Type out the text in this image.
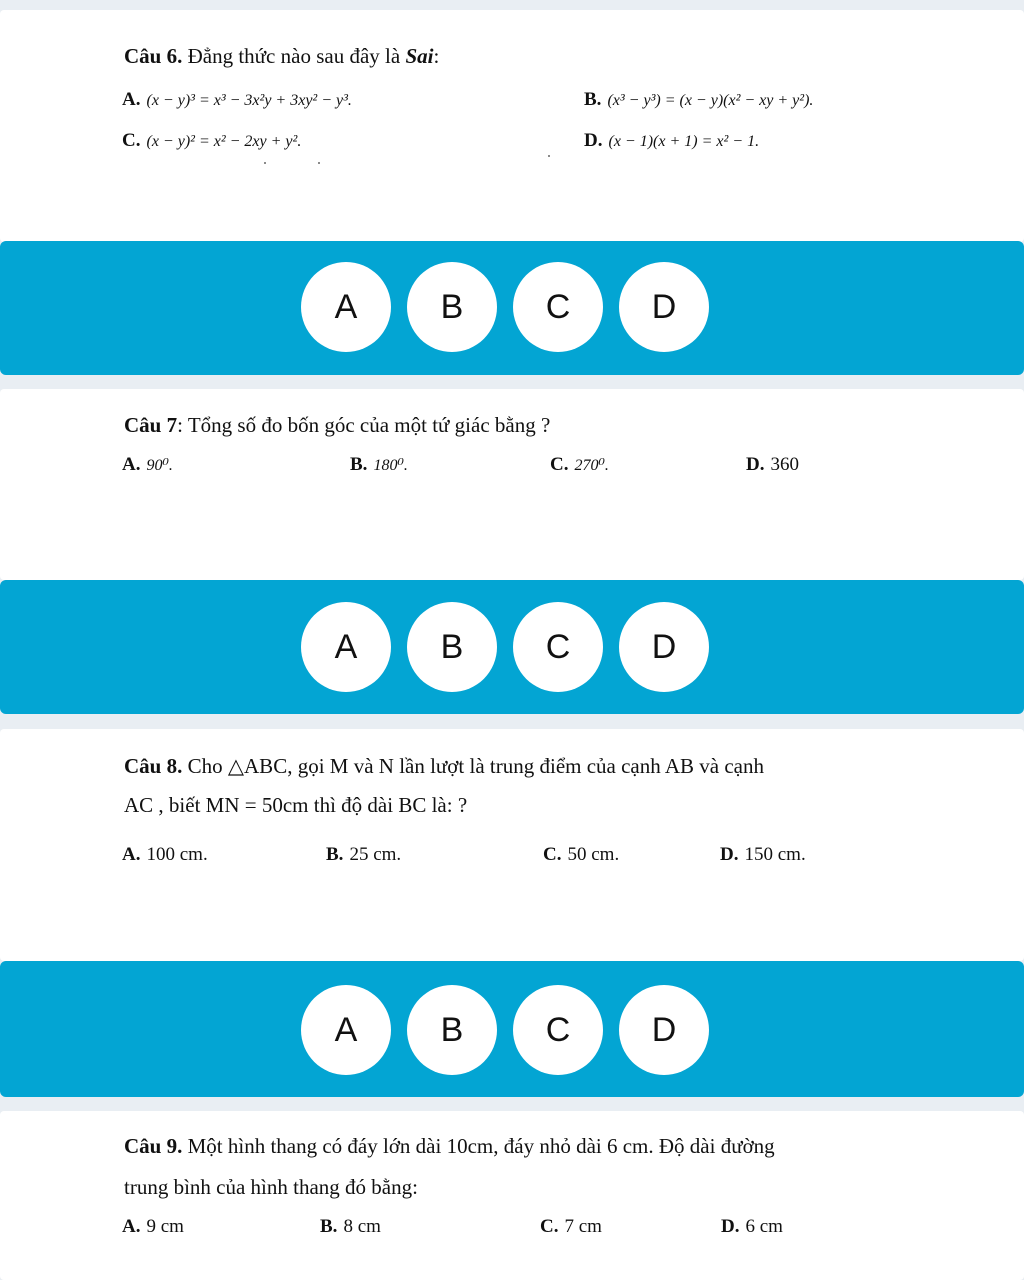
Câu 6. Đẳng thức nào sau đây là Sai:
A. (x − y)³ = x³ − 3x²y + 3xy² − y³.	B. (x³ − y³) = (x − y)(x² − xy + y²).
C. (x − y)² = x² − 2xy + y².	D. (x − 1)(x + 1) = x² − 1.
A	B	C	D
Câu 7: Tổng số đo bốn góc của một tứ giác bằng ?
A. 90⁰.	B. 180⁰.	C. 270⁰.	D. 360
A	B	C	D
Câu 8. Cho △ABC, gọi M và N lần lượt là trung điểm của cạnh AB và cạnh
AC , biết MN = 50cm thì độ dài BC là: ?
A. 100 cm.	B. 25 cm.	C. 50 cm.	D. 150 cm.
A	B	C	D
Câu 9. Một hình thang có đáy lớn dài 10cm, đáy nhỏ dài 6 cm. Độ dài đường
trung bình của hình thang đó bằng:
A. 9 cm	B. 8 cm	C. 7 cm	D. 6 cm
